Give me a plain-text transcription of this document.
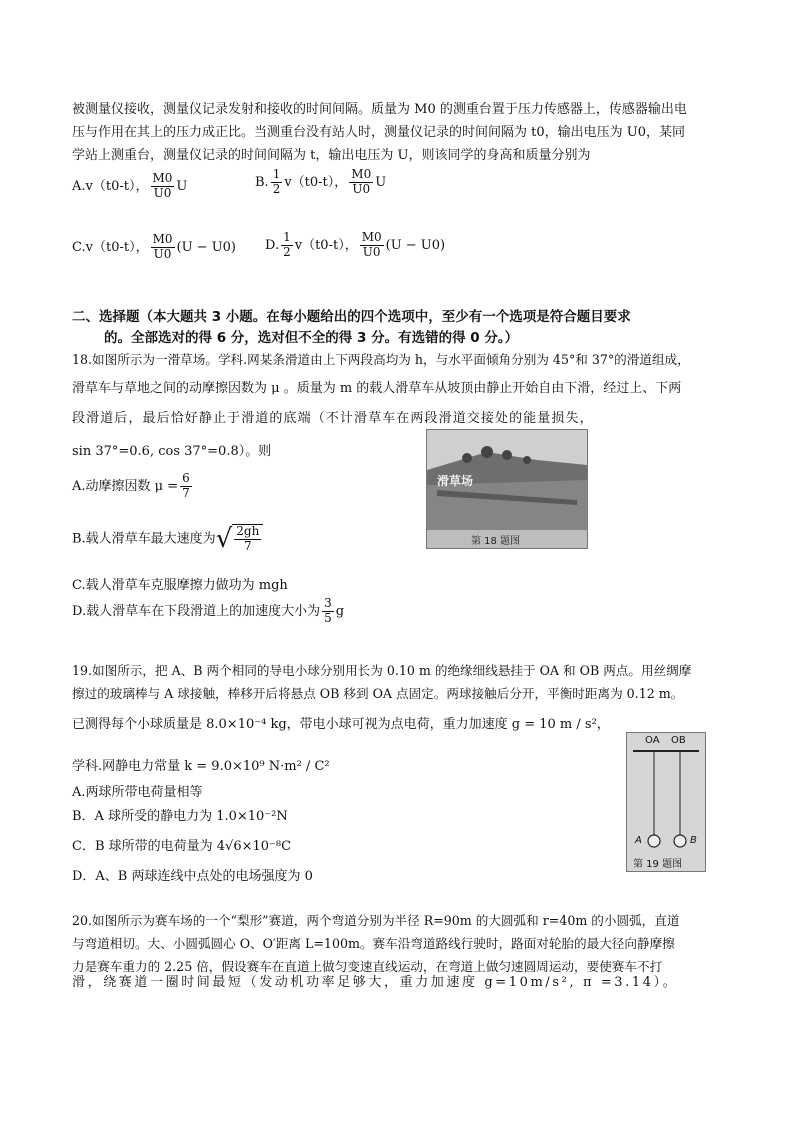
被测量仪接收，测量仪记录发射和接收的时间间隔。质量为 M0 的测重台置于压力传感器上，传感器输出电
压与作用在其上的压力成正比。当测重台没有站人时，测量仪记录的时间间隔为 t0，输出电压为 U0，某同
学站上测重台，测量仪记录的时间间隔为 t，输出电压为 U，则该同学的身高和质量分别为
A.v（t0-t）， $\frac{M0}{U0}$ U	B. $\frac{1}{2} v(t0-t)$， $\frac{M0}{U0}$ U
C.v（t0-t）， $\frac{M0}{U0} (U - U0)$ D. $\frac{1}{2} v(t0-t)$， $\frac{M0}{U0} (U - U0)$
二、选择题（本大题共 3 小题。在每小题给出的四个选项中，至少有一个选项是符合题目要求
的。全部选对的得 6 分，选对但不全的得 3 分。有选错的得 0 分。）
18.如图所示为一滑草场。学科.网某条滑道由上下两段高均为 h，与水平面倾角分别为 45°和 37°的滑道组成，
滑草车与草地之间的动摩擦因数为 μ 。质量为 m 的载人滑草车从坡顶由静止开始自由下滑，经过上、下两
段滑道后，最后恰好静止于滑道的底端（不计滑草车在两段滑道交接处的能量损失，
sin 37°=0.6, cos 37°=0.8）。则
A.动摩擦因数 $\mu = \frac{6}{7}$
B.载人滑草车最大速度为√ $\frac{2gh}{7}$
C.载人滑草车克服摩擦力做功为 mgh
D.载人滑草车在下段滑道上的加速度大小为 $\frac{3}{5}$ g
滑草场
第 18 题图
19.如图所示，把 A、B 两个相同的导电小球分别用长为 0.10 m 的绝缘细线悬挂于 OA 和 OB 两点。用丝绸摩
擦过的玻璃棒与 A 球接触，棒移开后将悬点 OB 移到 OA 点固定。两球接触后分开，平衡时距离为 0.12 m。
已测得每个小球质量是 8.0×10⁻⁴ kg，带电小球可视为点电荷，重力加速度 g = 10 m / s²，
学科.网静电力常量 k = 9.0×10⁹ N·m² / C²
A.两球所带电荷量相等
B．A 球所受的静电力为 1.0×10⁻²N
C．B 球所带的电荷量为 4√6×10⁻⁸C
D．A、B 两球连线中点处的电场强度为 0
OA OB
A	B
第 19 题图
20.如图所示为赛车场的一个“梨形”赛道，两个弯道分别为半径 R=90m 的大圆弧和 r=40m 的小圆弧，直道
与弯道相切。大、小圆弧圆心 O、O′距离 L=100m。赛车沿弯道路线行驶时，路面对轮胎的最大径向静摩擦
力是赛车重力的 2.25 倍，假设赛车在直道上做匀变速直线运动，在弯道上做匀速圆周运动，要使赛车不打
滑，绕赛道一圈时间最短（发动机功率足够大，重力加速度 g=10m/s², π =3.14）。
